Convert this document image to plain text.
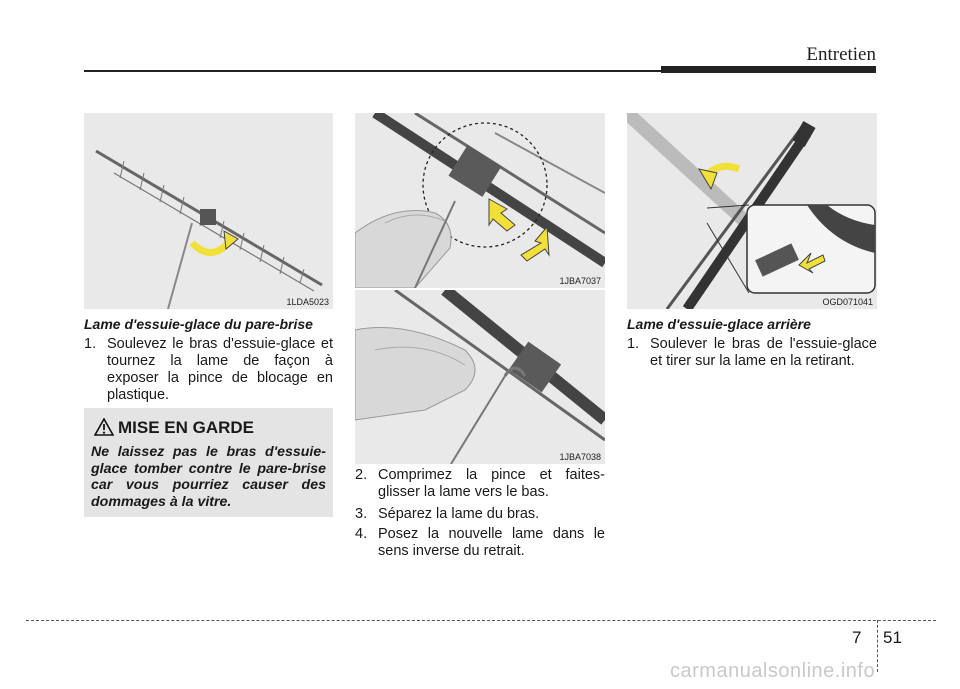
Entretien
1LDA5023
Lame d'essuie-glace du pare-brise
1. Soulevez le bras d'essuie-glace et tournez la lame de façon à exposer la pince de blocage en plastique.
MISE EN GARDE
Ne laissez pas le bras d'essuie-glace tomber contre le pare-brise car vous pourriez causer des dommages à la vitre.
1JBA7037
1JBA7038
2. Comprimez la pince et faites-glisser la lame vers le bas.
3. Séparez la lame du bras.
4. Posez la nouvelle lame dans le sens inverse du retrait.
OGD071041
Lame d'essuie-glace arrière
1. Soulever le bras de l'essuie-glace et tirer sur la lame en la retirant.
7 51
carmanualsonline.info
